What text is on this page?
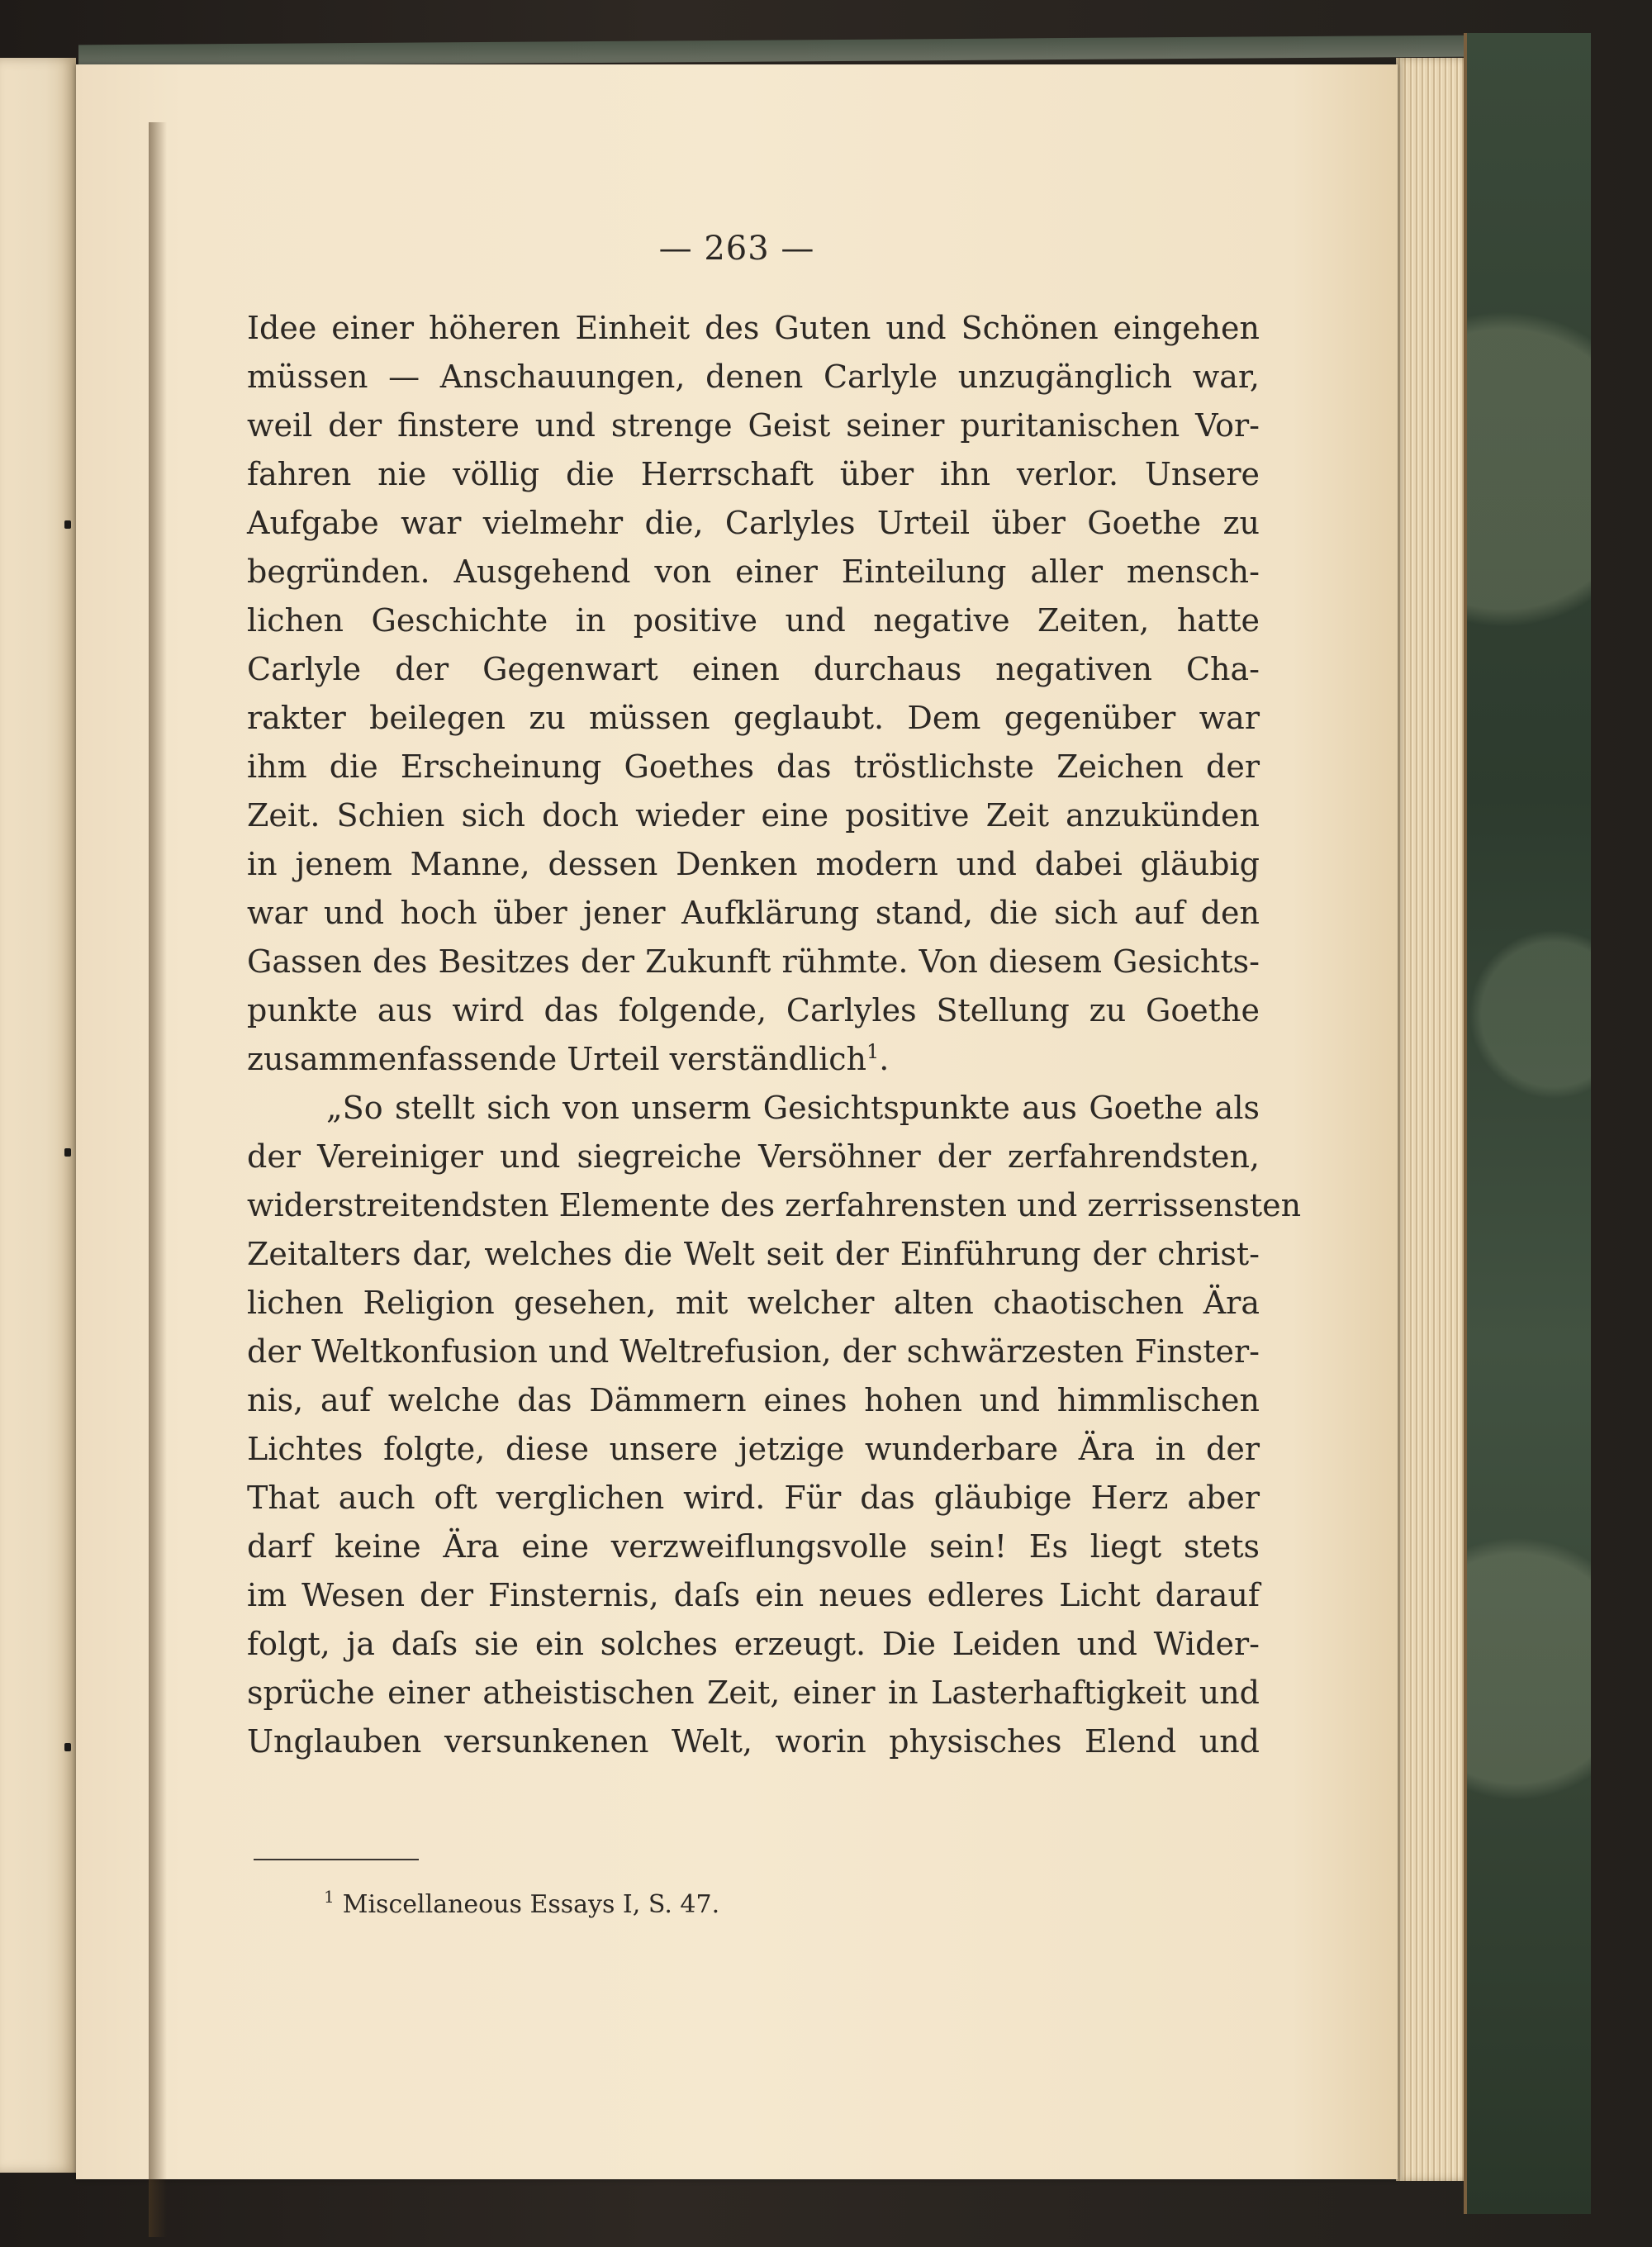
— 263 —
Idee einer höheren Einheit des Guten und Schönen eingehen
müssen — Anschauungen, denen Carlyle unzugänglich war,
weil der finstere und strenge Geist seiner puritanischen Vor-
fahren nie völlig die Herrschaft über ihn verlor. Unsere
Aufgabe war vielmehr die, Carlyles Urteil über Goethe zu
begründen. Ausgehend von einer Einteilung aller mensch-
lichen Geschichte in positive und negative Zeiten, hatte
Carlyle der Gegenwart einen durchaus negativen Cha-
rakter beilegen zu müssen geglaubt. Dem gegenüber war
ihm die Erscheinung Goethes das tröstlichste Zeichen der
Zeit. Schien sich doch wieder eine positive Zeit anzukünden
in jenem Manne, dessen Denken modern und dabei gläubig
war und hoch über jener Aufklärung stand, die sich auf den
Gassen des Besitzes der Zukunft rühmte. Von diesem Gesichts-
punkte aus wird das folgende, Carlyles Stellung zu Goethe
zusammenfassende Urteil verständlich$^1$.
„So stellt sich von unserm Gesichtspunkte aus Goethe als
der Vereiniger und siegreiche Versöhner der zerfahrendsten,
widerstreitendsten Elemente des zerfahrensten und zerrissensten
Zeitalters dar, welches die Welt seit der Einführung der christ-
lichen Religion gesehen, mit welcher alten chaotischen Ära
der Weltkonfusion und Weltrefusion, der schwärzesten Finster-
nis, auf welche das Dämmern eines hohen und himmlischen
Lichtes folgte, diese unsere jetzige wunderbare Ära in der
That auch oft verglichen wird. Für das gläubige Herz aber
darf keine Ära eine verzweiflungsvolle sein! Es liegt stets
im Wesen der Finsternis, daſs ein neues edleres Licht darauf
folgt, ja daſs sie ein solches erzeugt. Die Leiden und Wider-
sprüche einer atheistischen Zeit, einer in Lasterhaftigkeit und
Unglauben versunkenen Welt, worin physisches Elend und
$^1$ Miscellaneous Essays I, S. 47.
